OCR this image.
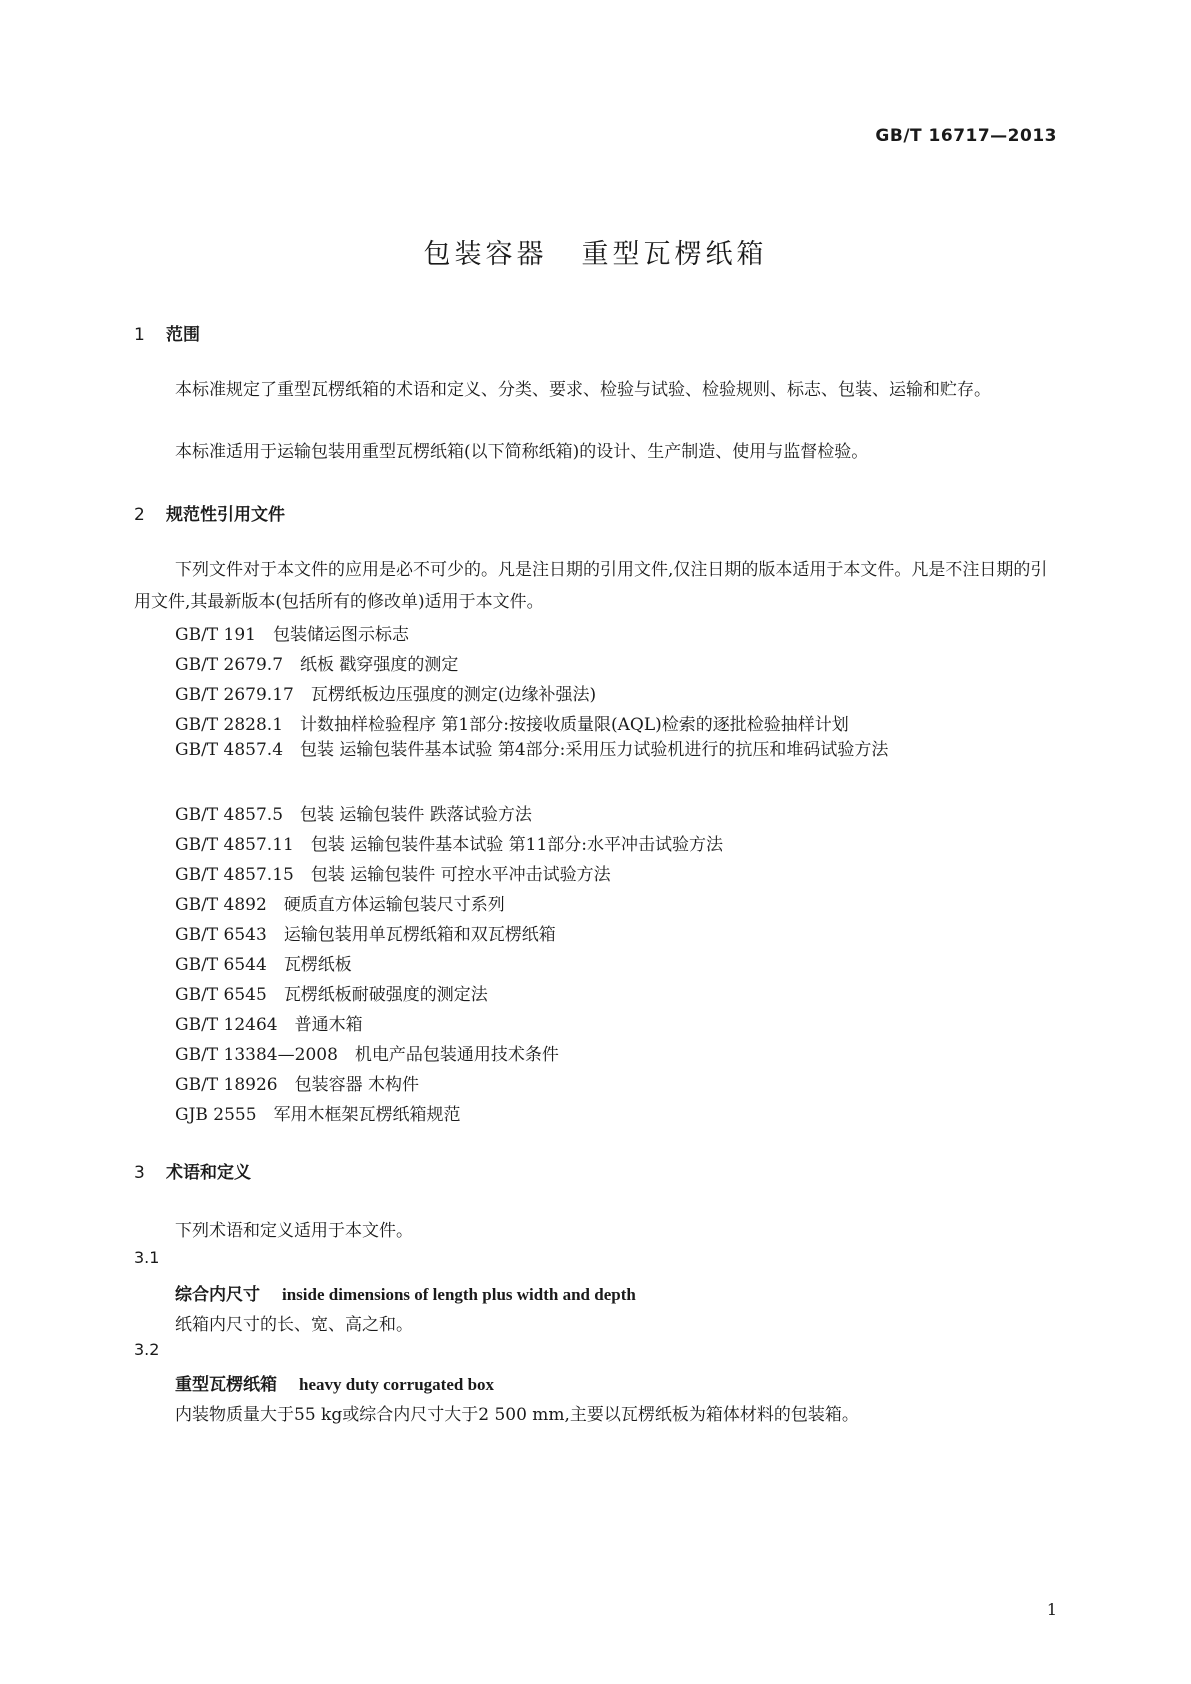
GB/T 16717—2013
包装容器 重型瓦楞纸箱
1 范围
本标准规定了重型瓦楞纸箱的术语和定义、分类、要求、检验与试验、检验规则、标志、包装、运输和贮存。
本标准适用于运输包装用重型瓦楞纸箱(以下简称纸箱)的设计、生产制造、使用与监督检验。
2 规范性引用文件
下列文件对于本文件的应用是必不可少的。凡是注日期的引用文件,仅注日期的版本适用于本文件。凡是不注日期的引用文件,其最新版本(包括所有的修改单)适用于本文件。
GB/T 191 包装储运图示标志
GB/T 2679.7 纸板 戳穿强度的测定
GB/T 2679.17 瓦楞纸板边压强度的测定(边缘补强法)
GB/T 2828.1 计数抽样检验程序 第1部分:按接收质量限(AQL)检索的逐批检验抽样计划
GB/T 4857.4 包装 运输包装件基本试验 第4部分:采用压力试验机进行的抗压和堆码试验方法
GB/T 4857.5 包装 运输包装件 跌落试验方法
GB/T 4857.11 包装 运输包装件基本试验 第11部分:水平冲击试验方法
GB/T 4857.15 包装 运输包装件 可控水平冲击试验方法
GB/T 4892 硬质直方体运输包装尺寸系列
GB/T 6543 运输包装用单瓦楞纸箱和双瓦楞纸箱
GB/T 6544 瓦楞纸板
GB/T 6545 瓦楞纸板耐破强度的测定法
GB/T 12464 普通木箱
GB/T 13384—2008 机电产品包装通用技术条件
GB/T 18926 包装容器 木构件
GJB 2555 军用木框架瓦楞纸箱规范
3 术语和定义
下列术语和定义适用于本文件。
3.1
综合内尺寸 inside dimensions of length plus width and depth
纸箱内尺寸的长、宽、高之和。
3.2
重型瓦楞纸箱 heavy duty corrugated box
内装物质量大于55 kg或综合内尺寸大于2 500 mm,主要以瓦楞纸板为箱体材料的包装箱。
1
